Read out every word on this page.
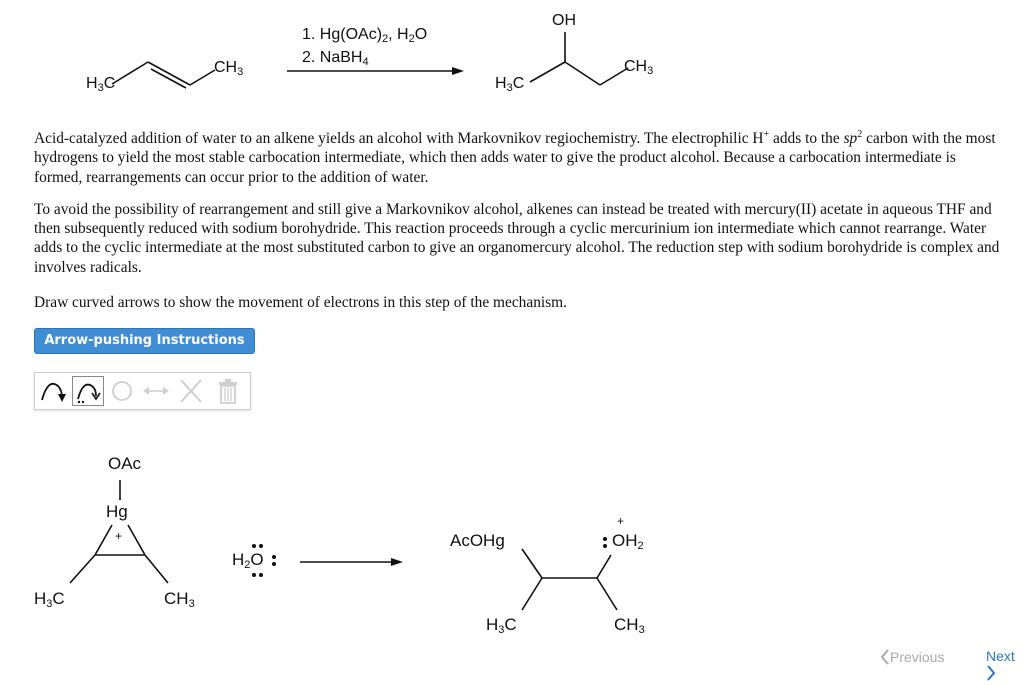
1. $Hg(OAc)_2$, $H_2O$
2. NaBH$_4$
$H_3C$
$CH_3$
OH
$H_3C$
$CH_3$

Acid-catalyzed addition of water to an alkene yields an alcohol with Markovnikov regiochemistry. The electrophilic H+ adds to the $sp^2$ carbon with the most hydrogens to yield the most stable carbocation intermediate, which then adds water to give the product alcohol. Because a carbocation intermediate is formed, rearrangements can occur prior to the addition of water.

To avoid the possibility of rearrangement and still give a Markovnikov alcohol, alkenes can instead be treated with mercury(II) acetate in aqueous THF and then subsequently reduced with sodium borohydride. This reaction proceeds through a cyclic mercurinium ion intermediate which cannot rearrange. Water adds to the cyclic intermediate at the most substituted carbon to give an organomercury alcohol. The reduction step with sodium borohydride is complex and involves radicals.

Draw curved arrows to show the movement of electrons in this step of the mechanism.

Arrow-pushing Instructions
OAc
Hg
+
$H_3C$	$CH_3$
$H_2O$
AcOHg	$OH_2$
+
$H_3C$	$CH_3$
Previous	Next
